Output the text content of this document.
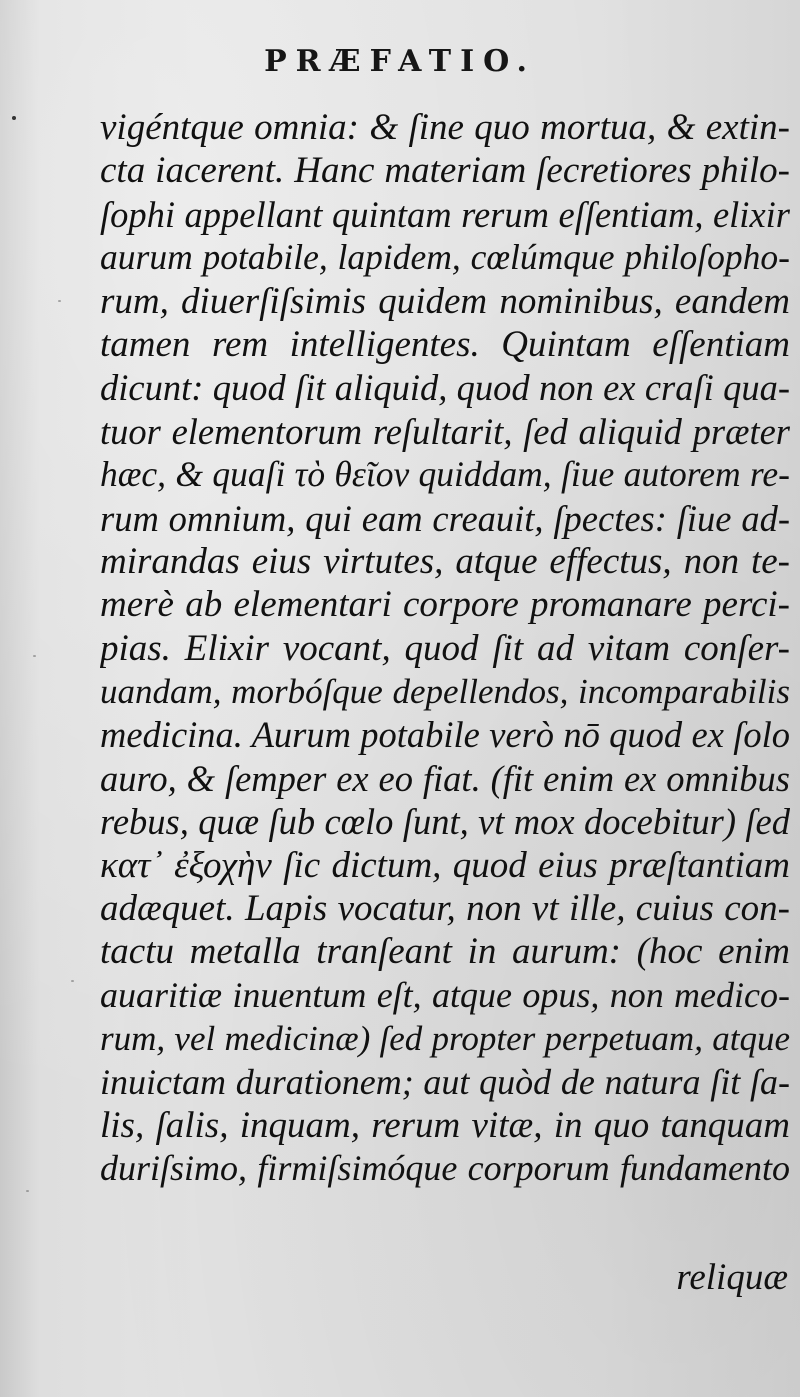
PRÆFATIO.
vigéntque omnia: & ſine quo mortua, & extin-
cta iacerent. Hanc materiam ſecretiores philo-
ſophi appellant quintam rerum eſſentiam, elixir
aurum potabile, lapidem, cœlúmque philoſopho-
rum, diuerſiſsimis quidem nominibus, eandem
tamen rem intelligentes. Quintam eſſentiam
dicunt: quod ſit aliquid, quod non ex craſi qua-
tuor elementorum reſultarit, ſed aliquid præter
hæc, & quaſi τὸ θεῖον quiddam, ſiue autorem re-
rum omnium, qui eam creauit, ſpectes: ſiue ad-
mirandas eius virtutes, atque effectus, non te-
merè ab elementari corpore promanare perci-
pias. Elixir vocant, quod ſit ad vitam conſer-
uandam, morbóſque depellendos, incomparabilis
medicina. Aurum potabile verò nō quod ex ſolo
auro, & ſemper ex eo fiat. (fit enim ex omnibus
rebus, quæ ſub cœlo ſunt, vt mox docebitur) ſed
κατ᾽ ἐξοχὴν ſic dictum, quod eius præſtantiam
adæquet. Lapis vocatur, non vt ille, cuius con-
tactu metalla tranſeant in aurum: (hoc enim
auaritiæ inuentum eſt, atque opus, non medico-
rum, vel medicinæ) ſed propter perpetuam, atque
inuictam durationem; aut quòd de natura ſit ſa-
lis, ſalis, inquam, rerum vitæ, in quo tanquam
duriſsimo, firmiſsimóque corporum fundamento

reliquæ
